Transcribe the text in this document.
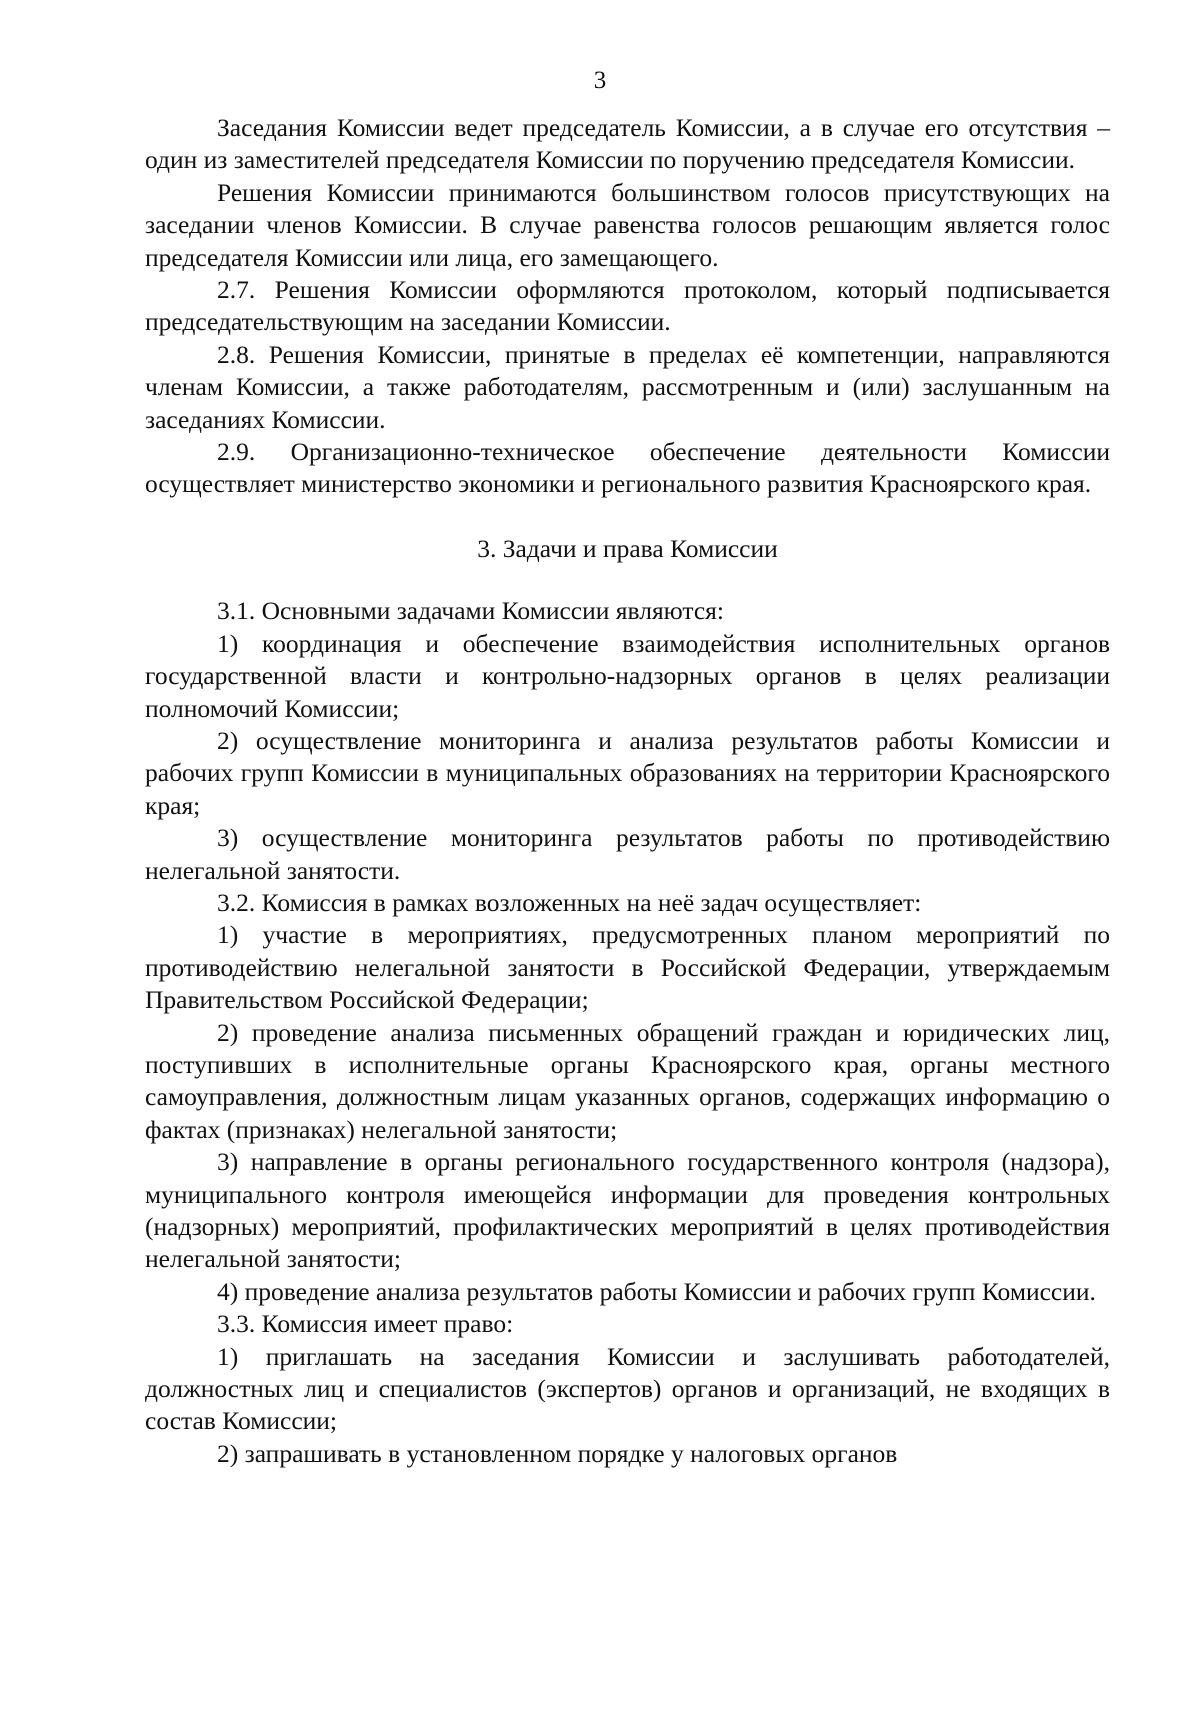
3

Заседания Комиссии ведет председатель Комиссии, а в случае его отсутствия – один из заместителей председателя Комиссии по поручению председателя Комиссии.

Решения Комиссии принимаются большинством голосов присутствующих на заседании членов Комиссии. В случае равенства голосов решающим является голос председателя Комиссии или лица, его замещающего.

2.7. Решения Комиссии оформляются протоколом, который подписывается председательствующим на заседании Комиссии.

2.8. Решения Комиссии, принятые в пределах её компетенции, направляются членам Комиссии, а также работодателям, рассмотренным и (или) заслушанным на заседаниях Комиссии.

2.9. Организационно-техническое обеспечение деятельности Комиссии осуществляет министерство экономики и регионального развития Красноярского края.

3. Задачи и права Комиссии

3.1. Основными задачами Комиссии являются:

1) координация и обеспечение взаимодействия исполнительных органов государственной власти и контрольно-надзорных органов в целях реализации полномочий Комиссии;

2) осуществление мониторинга и анализа результатов работы Комиссии и рабочих групп Комиссии в муниципальных образованиях на территории Красноярского края;

3) осуществление мониторинга результатов работы по противодействию нелегальной занятости.

3.2. Комиссия в рамках возложенных на неё задач осуществляет:

1) участие в мероприятиях, предусмотренных планом мероприятий по противодействию нелегальной занятости в Российской Федерации, утверждаемым Правительством Российской Федерации;

2) проведение анализа письменных обращений граждан и юридических лиц, поступивших в исполнительные органы Красноярского края, органы местного самоуправления, должностным лицам указанных органов, содержащих информацию о фактах (признаках) нелегальной занятости;

3) направление в органы регионального государственного контроля (надзора), муниципального контроля имеющейся информации для проведения контрольных (надзорных) мероприятий, профилактических мероприятий в целях противодействия нелегальной занятости;

4) проведение анализа результатов работы Комиссии и рабочих групп Комиссии.

3.3. Комиссия имеет право:

1) приглашать на заседания Комиссии и заслушивать работодателей, должностных лиц и специалистов (экспертов) органов и организаций, не входящих в состав Комиссии;

2) запрашивать в установленном порядке у налоговых органов
